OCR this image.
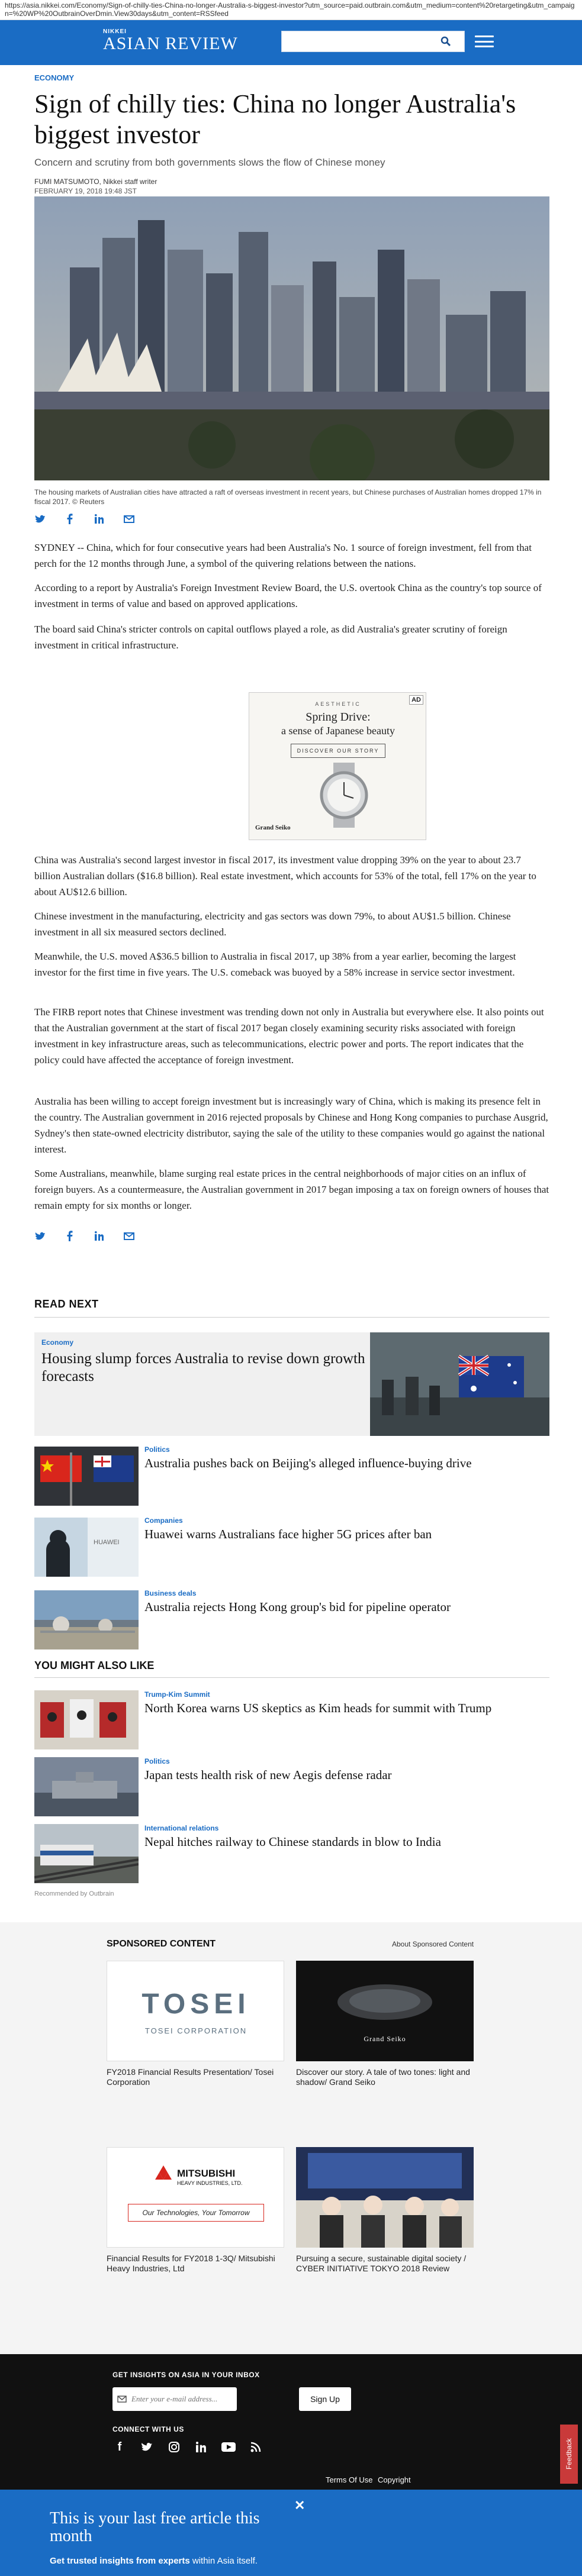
https://asia.nikkei.com/Economy/Sign-of-chilly-ties-China-no-longer-Australia-s-biggest-investor?utm_source=paid.outbrain.com&utm_medium=content%20retargeting&utm_campaign=%20WP%20OutbrainOverDmin.View30days&utm_content=RSSfeed
NIKKEI
ASIAN REVIEW
ECONOMY
Sign of chilly ties: China no longer Australia's biggest investor
Concern and scrutiny from both governments slows the flow of Chinese money
FUMI MATSUMOTO, Nikkei staff writer
FEBRUARY 19, 2018 19:48 JST
The housing markets of Australian cities have attracted a raft of overseas investment in recent years, but Chinese purchases of Australian homes dropped 17% in fiscal 2017. © Reuters

SYDNEY -- China, which for four consecutive years had been Australia's No. 1 source of foreign investment, fell from that perch for the 12 months through June, a symbol of the quivering relations between the nations.

According to a report by Australia's Foreign Investment Review Board, the U.S. overtook China as the country's top source of investment in terms of value and based on approved applications.

The board said China's stricter controls on capital outflows played a role, as did Australia's greater scrutiny of foreign investment in critical infrastructure.

AD
AESTHETIC
Spring Drive:
a sense of Japanese beauty
DISCOVER OUR STORY
Grand Seiko

China was Australia's second largest investor in fiscal 2017, its investment value dropping 39% on the year to about 23.7 billion Australian dollars ($16.8 billion). Real estate investment, which accounts for 53% of the total, fell 17% on the year to about AU$12.6 billion.

Chinese investment in the manufacturing, electricity and gas sectors was down 79%, to about AU$1.5 billion. Chinese investment in all six measured sectors declined.

Meanwhile, the U.S. moved A$36.5 billion to Australia in fiscal 2017, up 38% from a year earlier, becoming the largest investor for the first time in five years. The U.S. comeback was buoyed by a 58% increase in service sector investment.

The FIRB report notes that Chinese investment was trending down not only in Australia but everywhere else. It also points out that the Australian government at the start of fiscal 2017 began closely examining security risks associated with foreign investment in key infrastructure areas, such as telecommunications, electric power and ports. The report indicates that the policy could have affected the acceptance of foreign investment.

Australia has been willing to accept foreign investment but is increasingly wary of China, which is making its presence felt in the country. The Australian government in 2016 rejected proposals by Chinese and Hong Kong companies to purchase Ausgrid, Sydney's then state-owned electricity distributor, saying the sale of the utility to these companies would go against the national interest.

Some Australians, meanwhile, blame surging real estate prices in the central neighborhoods of major cities on an influx of foreign buyers. As a countermeasure, the Australian government in 2017 began imposing a tax on foreign owners of houses that remain empty for six months or longer.

READ NEXT
Economy
Housing slump forces Australia to revise down growth forecasts
Politics
Australia pushes back on Beijing's alleged influence-buying drive
HUAWEI
Companies
Huawei warns Australians face higher 5G prices after ban
Business deals
Australia rejects Hong Kong group's bid for pipeline operator
YOU MIGHT ALSO LIKE
Trump-Kim Summit
North Korea warns US skeptics as Kim heads for summit with Trump
Politics
Japan tests health risk of new Aegis defense radar
International relations
Nepal hitches railway to Chinese standards in blow to India
Recommended by Outbrain
SPONSORED CONTENT	About Sponsored Content
TOSEI
TOSEI CORPORATION
FY2018 Financial Results Presentation/ Tosei Corporation
Grand Seiko
Discover our story. A tale of two tones: light and shadow/ Grand Seiko
MITSUBISHI
HEAVY INDUSTRIES, LTD.
Our Technologies, Your Tomorrow
Financial Results for FY2018 1-3Q/ Mitsubishi Heavy Industries, Ltd
Pursuing a secure, sustainable digital society / CYBER INITIATIVE TOKYO 2018 Review
GET INSIGHTS ON ASIA IN YOUR INBOX
Enter your e-mail address...
Sign Up
CONNECT WITH US
f
Terms Of Use Copyright
Feedback
✕
This is your last free article this month
Get trusted insights from experts within Asia itself.
